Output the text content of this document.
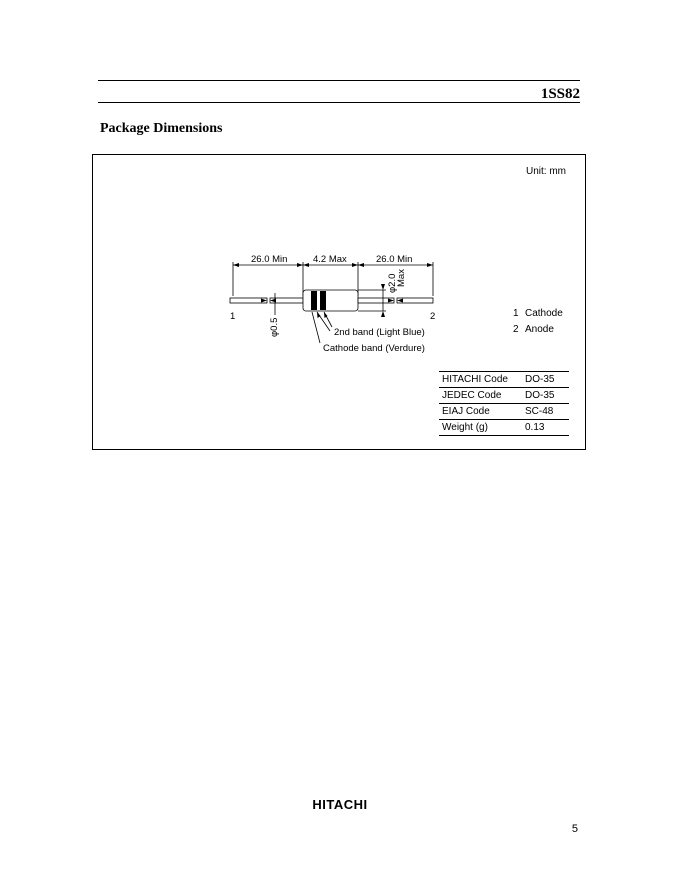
1SS82
Package Dimensions
Unit: mm
26.0 Min	4.2 Max	26.0 Min
φ2.0
Max
φ0.5
1	2
2nd band (Light Blue)
Cathode band (Verdure)
1 Cathode
2 Anode
HITACHI Code	DO-35
JEDEC Code	DO-35
EIAJ Code	SC-48
Weight (g)	0.13
HITACHI
5
